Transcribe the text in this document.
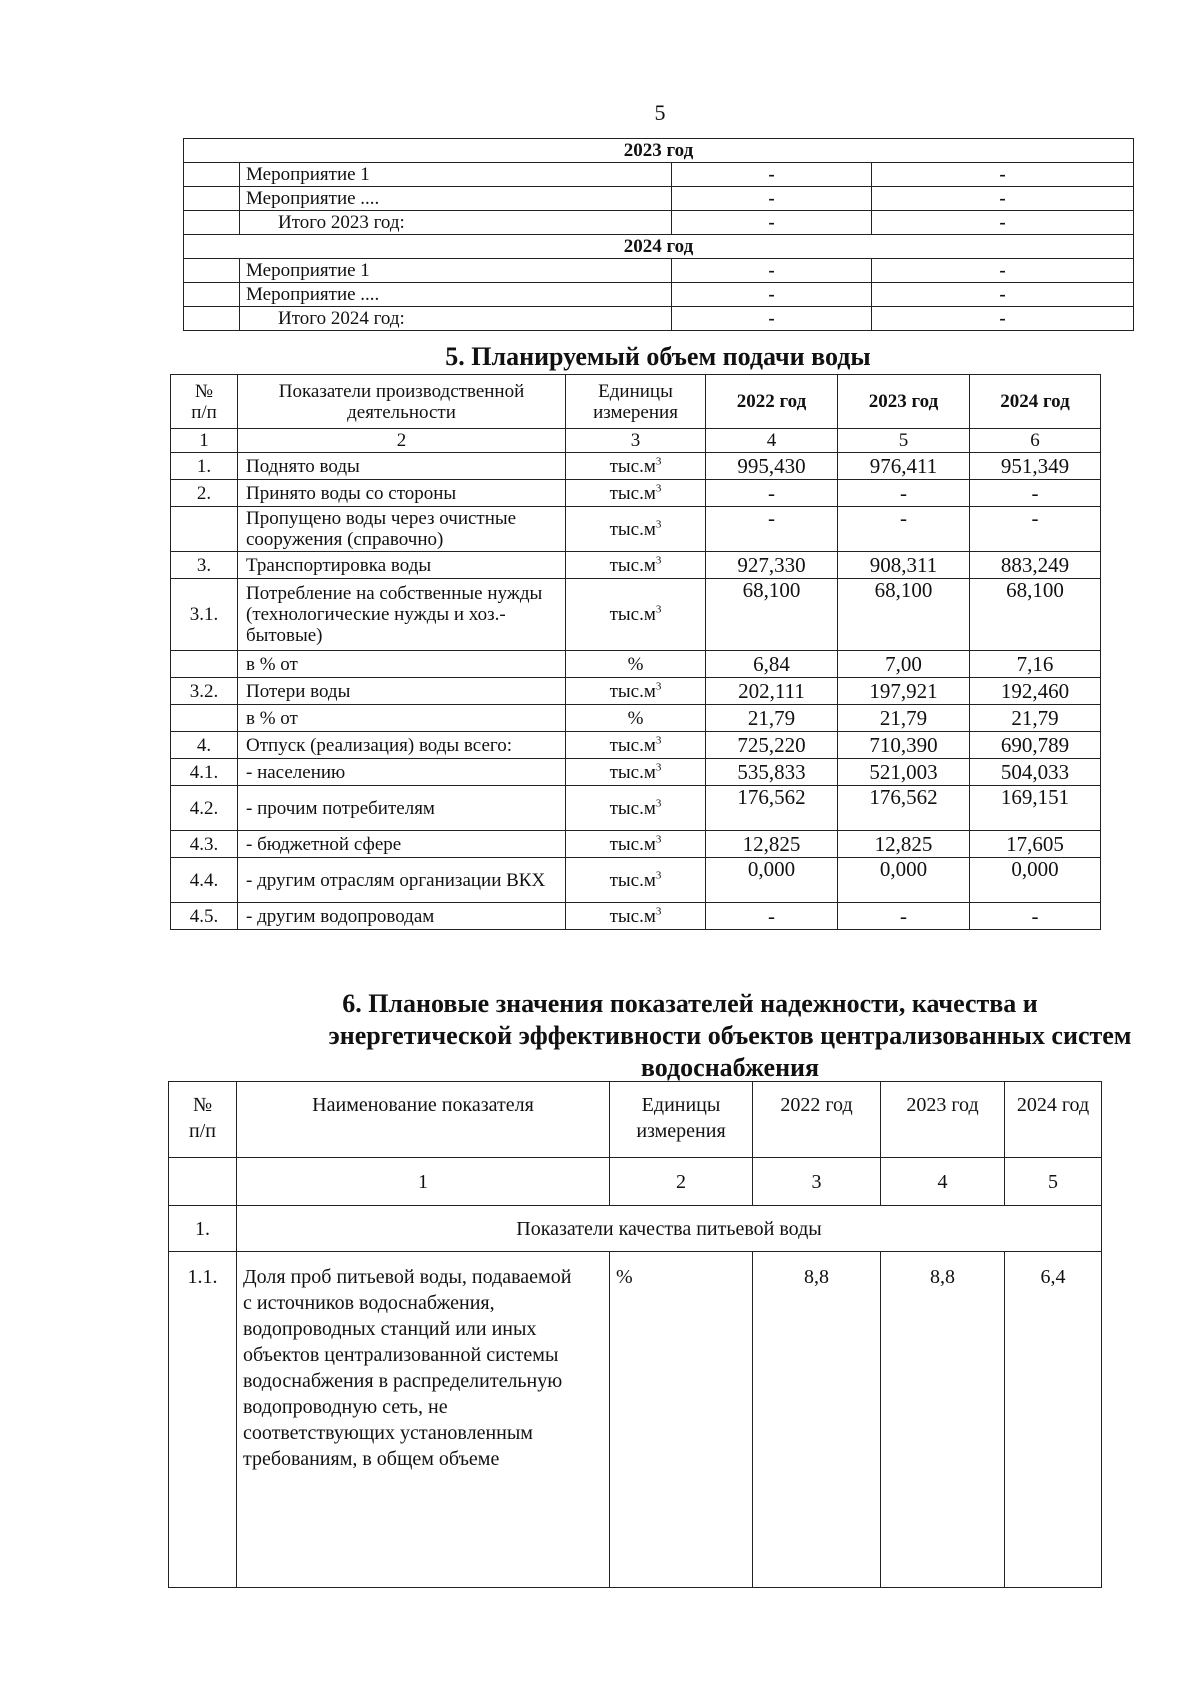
5
2023 год			
	Мероприятие 1	-	-
	Мероприятие ....	-	-
	Итого 2023 год:	-	-
2024 год			
	Мероприятие 1	-	-
	Мероприятие ....	-	-
	Итого 2024 год:	-	-
5. Планируемый объем подачи воды
№ п/п	Показатели производственной деятельности	Единицы измерения	2022 год	2023 год	2024 год
1	2	3	4	5	6
1.	Поднято воды	$тыс.м^3$	995,430	976,411	951,349
2.	Принято воды со стороны	$тыс.м^3$	-	-	-
	Пропущено воды через очистные сооружения (справочно)	$тыс.м^3$	-	-	-
3.	Транспортировка воды	$тыс.м^3$	927,330	908,311	883,249
3.1.	Потребление на собственные нужды (технологические нужды и хоз.-бытовые)	$тыс.м^3$	68,100	68,100	68,100
	в % от	%	6,84	7,00	7,16
3.2.	Потери воды	$тыс.м^3$	202,111	197,921	192,460
	в % от	%	21,79	21,79	21,79
4.	Отпуск (реализация) воды всего:	$тыс.м^3$	725,220	710,390	690,789
4.1.	- населению	$тыс.м^3$	535,833	521,003	504,033
4.2.	- прочим потребителям	$тыс.м^3$	176,562	176,562	169,151
4.3.	- бюджетной сфере	$тыс.м^3$	12,825	12,825	17,605
4.4.	- другим отраслям организации ВКХ	$тыс.м^3$	0,000	0,000	0,000
4.5.	- другим водопроводам	$тыс.м^3$	-	-	-
6. Плановые значения показателей надежности, качества и
энергетической эффективности объектов централизованных систем
водоснабжения
№ п/п	Наименование показателя	Единицы измерения	2022 год	2023 год	2024 год
	1	2	3	4	5
1.	Показатели качества питьевой воды				
1.1.	Доля проб питьевой воды, подаваемой с источников водоснабжения, водопроводных станций или иных объектов централизованной системы водоснабжения в распределительную водопроводную сеть, не соответствующих установленным требованиям, в общем объеме	%	8,8	8,8	6,4
